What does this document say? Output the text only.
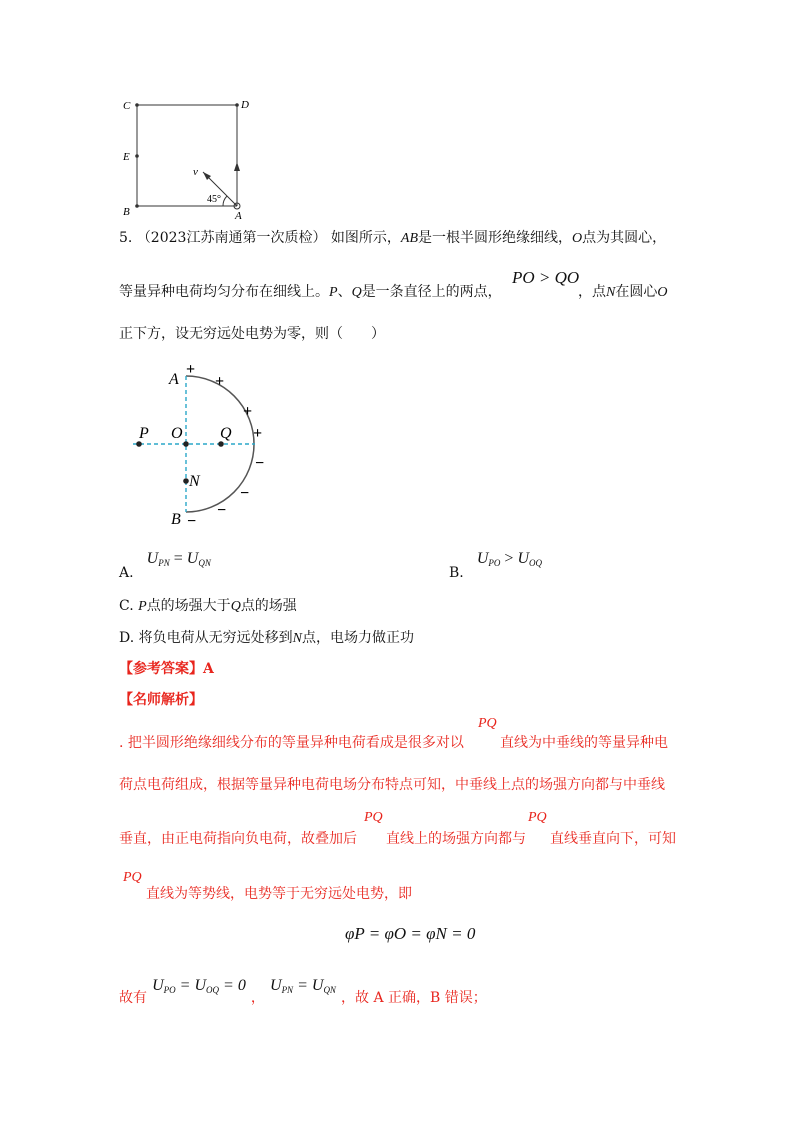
C	D
E
B	A
v
45°
5. （2023江苏南通第一次质检） 如图所示，AB是一根半圆形绝缘细线，O点为其圆心，
等量异种电荷均匀分布在细线上。P、Q是一条直径上的两点，
PO > QO
，点N在圆心O
正下方，设无穷远处电势为零，则（　　）
A
B
P O Q
N
+
+
+
+
−
−
−
−
A. UPN = UQN
B. UPO > UOQ
C. P点的场强大于Q点的场强
D. 将负电荷从无穷远处移到N点，电场力做正功
【参考答案】A
【名师解析】
. 把半圆形绝缘细线分布的等量异种电荷看成是很多对以
PQ
直线为中垂线的等量异种电
荷点电荷组成，根据等量异种电荷电场分布特点可知，中垂线上点的场强方向都与中垂线
垂直，由正电荷指向负电荷，故叠加后
PQ
直线上的场强方向都与
PQ
直线垂直向下，可知
PQ
直线为等势线，电势等于无穷远处电势，即
φP = φO = φN = 0
故有 UPO = UOQ = 0 ， UPN = UQN ，故 A 正确，B 错误；
